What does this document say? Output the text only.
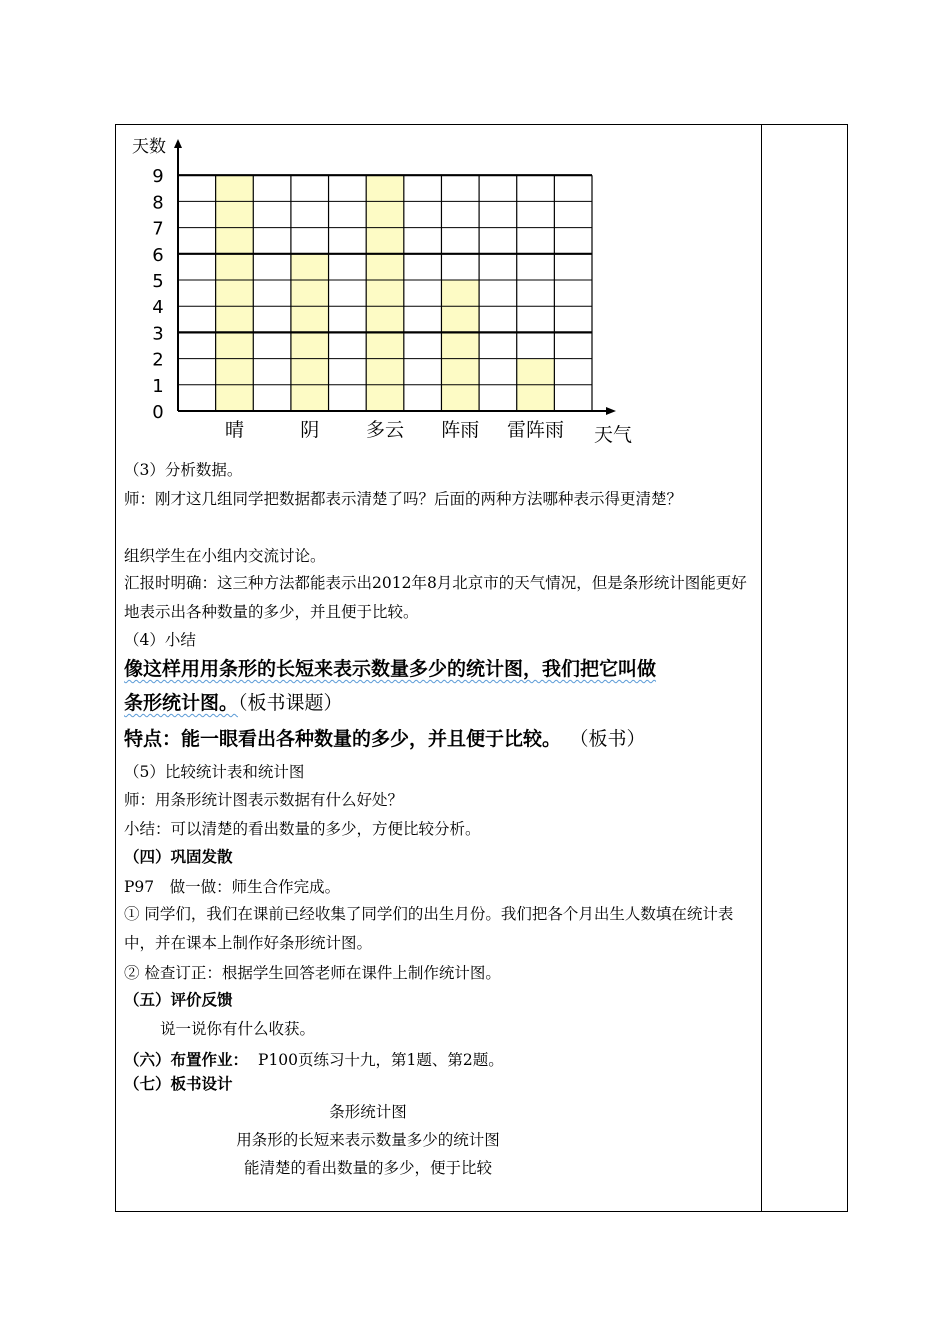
0
1
2
3
4
5
6
7
8
9
天数
天气
晴	阴 多云 阵雨 雷阵雨
（3）分析数据。
师：刚才这几组同学把数据都表示清楚了吗？后面的两种方法哪种表示得更清楚？
组织学生在小组内交流讨论。
汇报时明确：这三种方法都能表示出2012年8月北京市的天气情况，但是条形统计图能更好地表示出各种数量的多少，并且便于比较。
（4）小结
像这样用用条形的长短来表示数量多少的统计图，我们把它叫做
条形统计图。（板书课题）
特点：能一眼看出各种数量的多少，并且便于比较。 （板书）
（5）比较统计表和统计图
师：用条形统计图表示数据有什么好处？
小结：可以清楚的看出数量的多少，方便比较分析。
（四）巩固发散
P97　做一做：师生合作完成。
① 同学们，我们在课前已经收集了同学们的出生月份。我们把各个月出生人数填在统计表中，并在课本上制作好条形统计图。
② 检查订正：根据学生回答老师在课件上制作统计图。
（五）评价反馈
说一说你有什么收获。
（六）布置作业： P100页练习十九，第1题、第2题。
（七）板书设计
条形统计图
用条形的长短来表示数量多少的统计图
能清楚的看出数量的多少，便于比较
